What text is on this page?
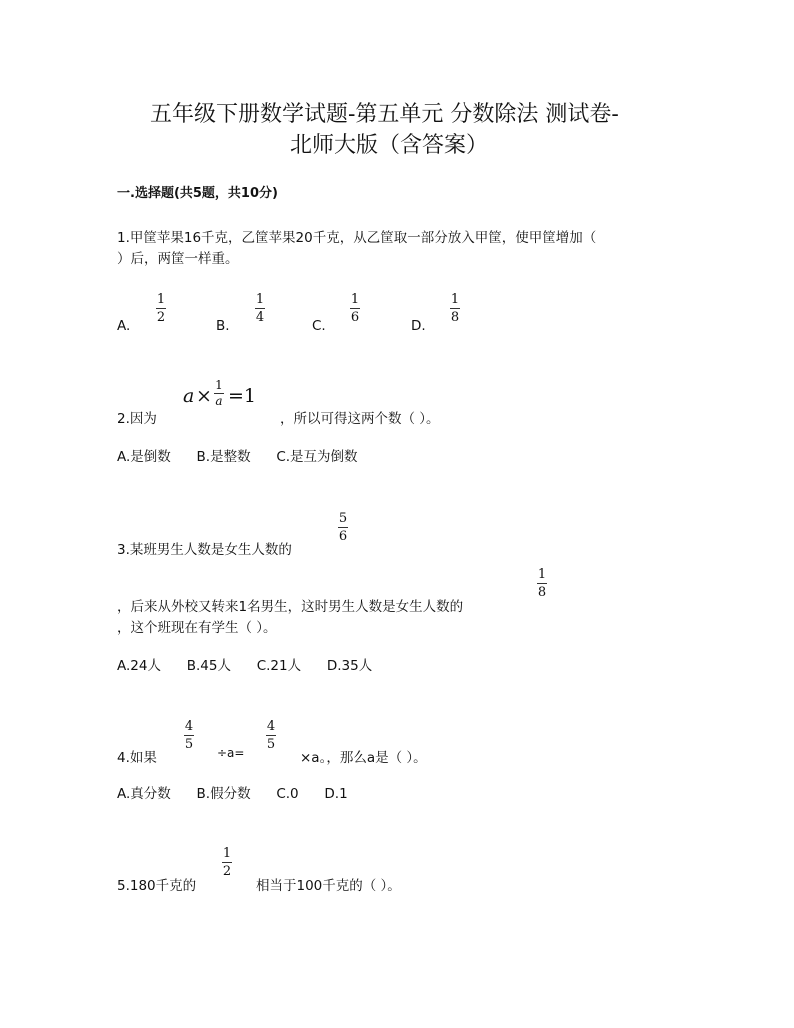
五年级下册数学试题-第五单元 分数除法 测试卷-
北师大版（含答案）
一.选择题(共5题，共10分)
1.甲筐苹果16千克，乙筐苹果20千克，从乙筐取一部分放入甲筐，使甲筐增加（
）后，两筐一样重。
A.
1
2
B.
1
4
C.
1
6
D.
1
8
2.因为
a × 1
a =1
，所以可得这两个数（ ）。
A.是倒数      B.是整数      C.是互为倒数
3.某班男生人数是女生人数的
5
6
，后来从外校又转来1名男生，这时男生人数是女生人数的
1
8
，这个班现在有学生（ ）。
A.24人      B.45人      C.21人      D.35人
4.如果
4
5
÷a=
4
5
×a。，那么a是（ ）。
A.真分数      B.假分数      C.0      D.1
5.180千克的
1
2
相当于100千克的（ ）。
